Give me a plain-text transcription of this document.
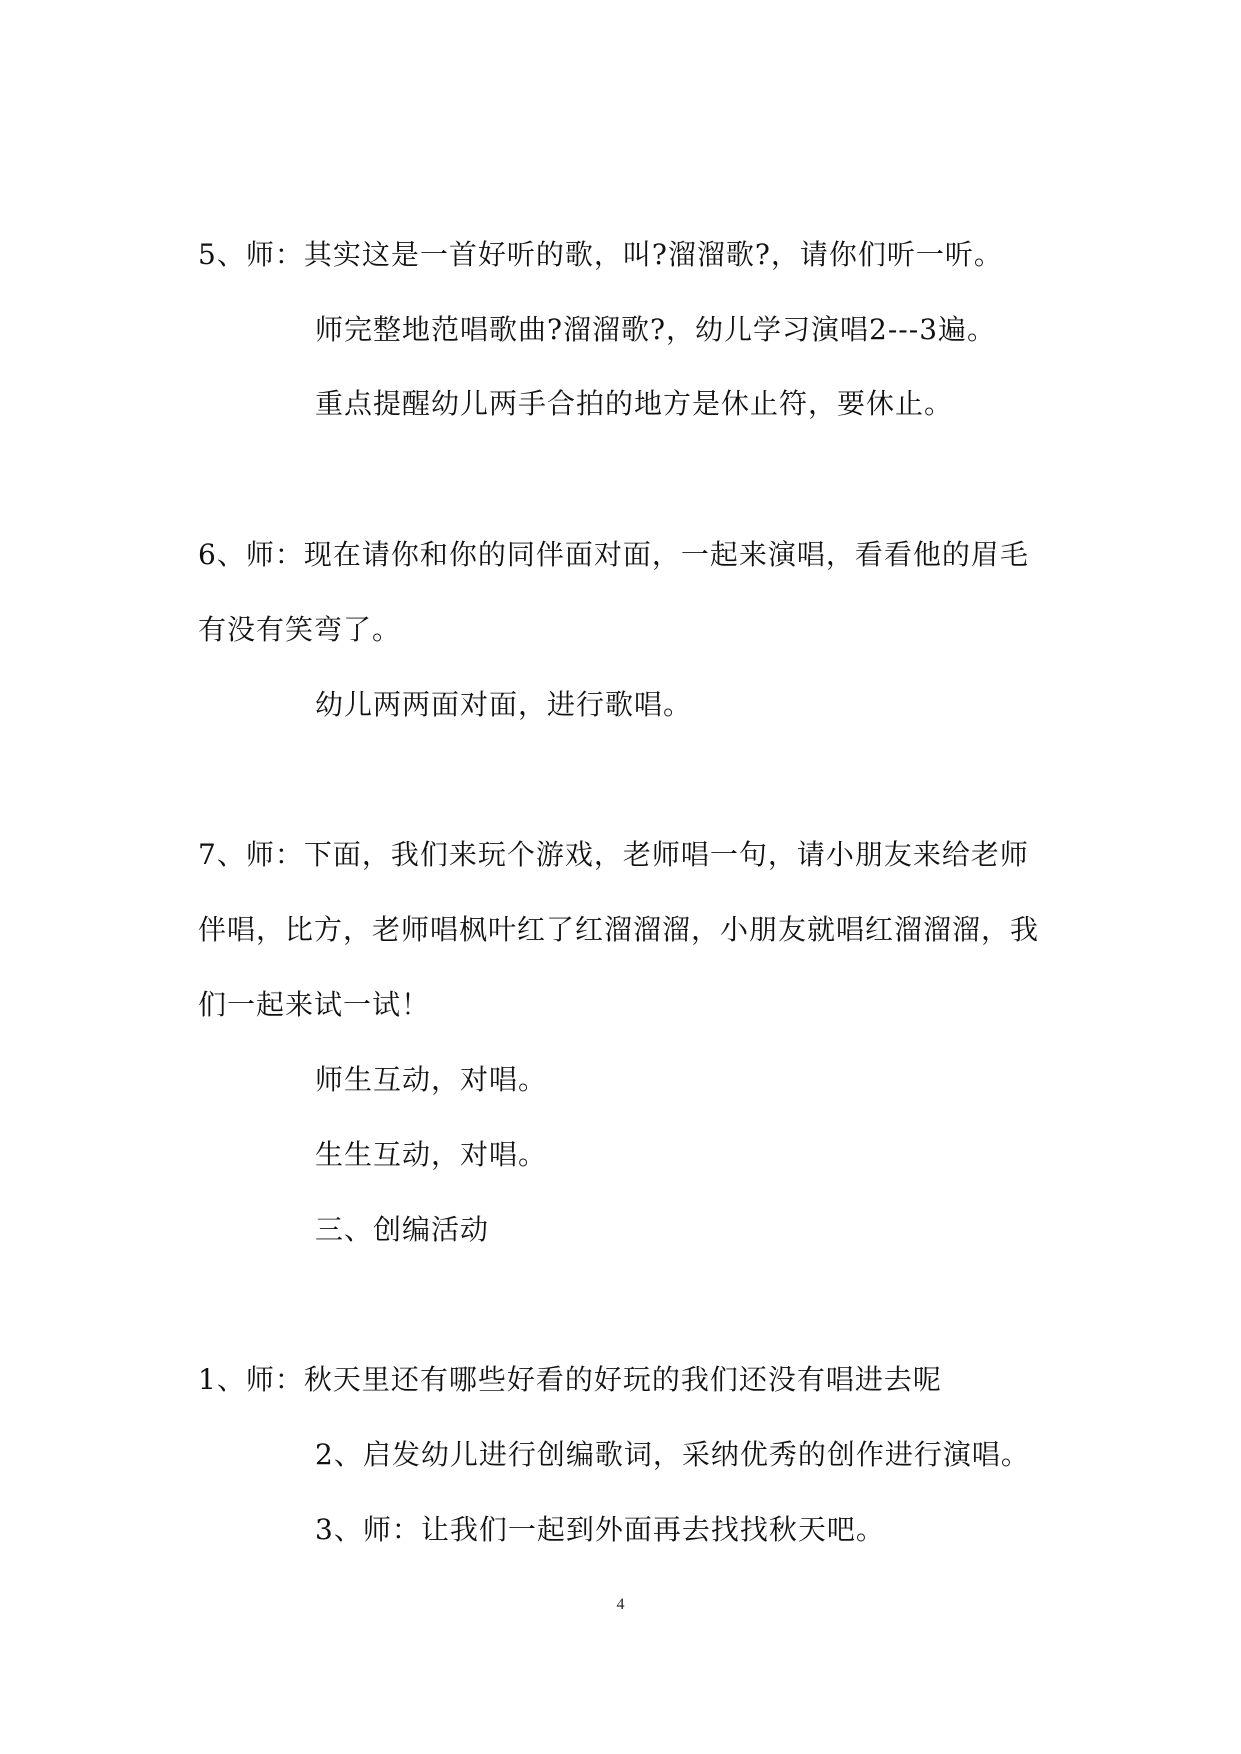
5、师：其实这是一首好听的歌，叫?溜溜歌?，请你们听一听。
师完整地范唱歌曲?溜溜歌?，幼儿学习演唱2---3遍。
重点提醒幼儿两手合拍的地方是休止符，要休止。
6、师：现在请你和你的同伴面对面，一起来演唱，看看他的眉毛
有没有笑弯了。
幼儿两两面对面，进行歌唱。
7、师：下面，我们来玩个游戏，老师唱一句，请小朋友来给老师
伴唱，比方，老师唱枫叶红了红溜溜溜，小朋友就唱红溜溜溜，我
们一起来试一试！
师生互动，对唱。
生生互动，对唱。
三、创编活动
1、师：秋天里还有哪些好看的好玩的我们还没有唱进去呢
2、启发幼儿进行创编歌词，采纳优秀的创作进行演唱。
3、师：让我们一起到外面再去找找秋天吧。
4
